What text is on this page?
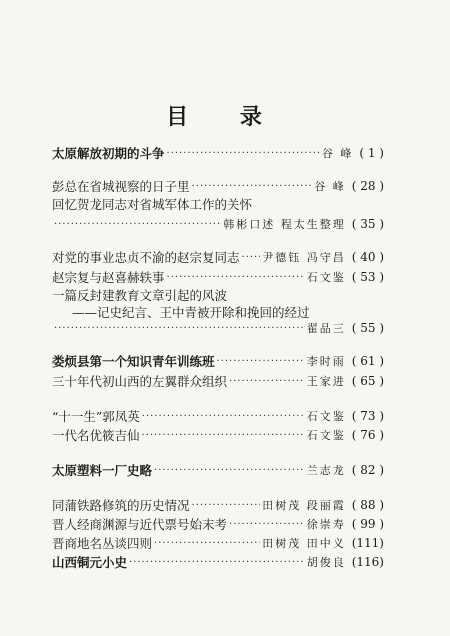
目 录
太原解放初期的斗争 ·····	谷 峰 ( 1 )
彭总在省城视察的日子里 ·····	谷 峰 ( 28 )
回忆贺龙同志对省城军体工作的关怀
·····
韩彬口述 程太生整理 ( 35 )
对党的事业忠贞不渝的赵宗复同志 ····· 尹德钰 冯守昌 ( 40 )
赵宗复与赵喜赫轶事 ·····	石文鉴 ( 53 )
一篇反封建教育文章引起的风波
——记史纪言、王中青被开除和挽回的经过
·····
翟品三 ( 55 )
娄烦县第一个知识青年训练班 ·····	李时雨 ( 61 )
三十年代初山西的左翼群众组织 ·····	王家进 ( 65 )
“十一生”郭凤英 ·····	石文鉴 ( 73 )
一代名优筱吉仙 ·····	石文鉴 ( 76 )
太原塑料一厂史略 ·····	兰志龙 ( 82 )
同蒲铁路修筑的历史情况 ·····	田树茂 段丽霞 ( 88 )
晋人经商渊源与近代票号始末考 ·····	徐崇寿 ( 99 )
晋商地名丛谈四则 ·····	田树茂 田中义 (111)
山西铜元小史 ·····	胡俊良 (116)
